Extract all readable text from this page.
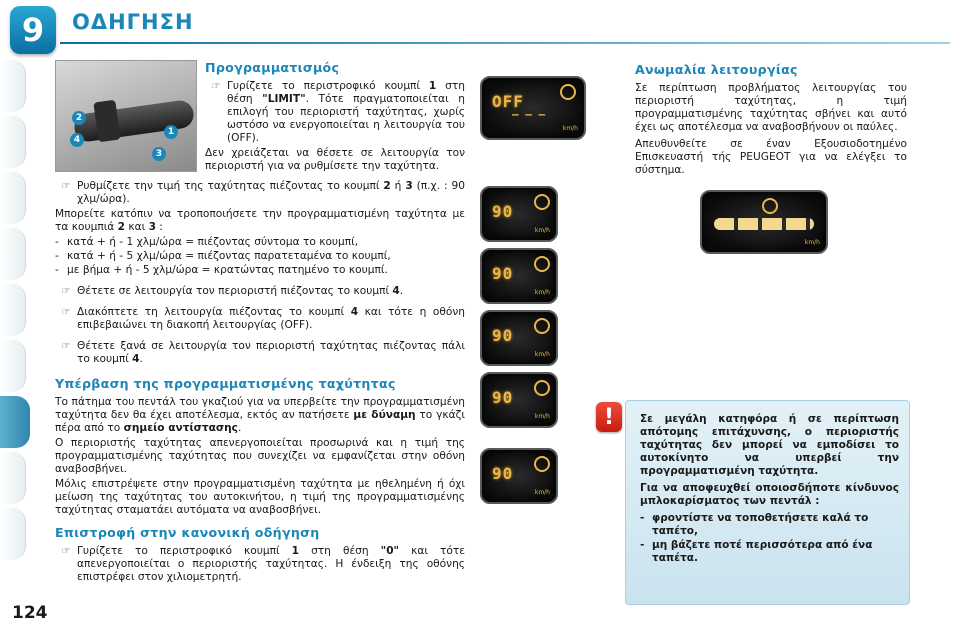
9	ΟΔΗΓΗΣΗ
124
1
2
3
4
Προγραμματισμός
☞ Γυρίζετε το περιστροφικό κουμπί 1 στη θέση "LIMIT". Τότε πραγματοποιείται η επιλογή του περιοριστή ταχύτητας, χωρίς ωστόσο να ενεργοποιείται η λειτουργία του (OFF).
Δεν χρειάζεται να θέσετε σε λειτουργία τον περιοριστή για να ρυθμίσετε την ταχύτητα.
☞ Ρυθμίζετε την τιμή της ταχύτητας πιέζοντας το κουμπί 2 ή 3 (π.χ. : 90 χλμ/ώρα).
Μπορείτε κατόπιν να τροποποιήσετε την προγραμματισμένη ταχύτητα με τα κουμπιά 2 και 3 :
- κατά + ή - 1 χλμ/ώρα = πιέζοντας σύντομα το κουμπί,
- κατά + ή - 5 χλμ/ώρα = πιέζοντας παρατεταμένα το κουμπί,
- με βήμα + ή - 5 χλμ/ώρα = κρατώντας πατημένο το κουμπί.
☞ Θέτετε σε λειτουργία τον περιοριστή πιέζοντας το κουμπί 4.
☞ Διακόπτετε τη λειτουργία πιέζοντας το κουμπί 4 και τότε η οθόνη επιβεβαιώνει τη διακοπή λειτουργίας (OFF).
☞ Θέτετε ξανά σε λειτουργία τον περιοριστή ταχύτητας πιέζοντας πάλι το κουμπί 4.
Υπέρβαση της προγραμματισμένης ταχύτητας
Το πάτημα του πεντάλ του γκαζιού για να υπερβείτε την προγραμματισμένη ταχύτητα δεν θα έχει αποτέλεσμα, εκτός αν πατήσετε με δύναμη το γκάζι πέρα από το σημείο αντίστασης.
Ο περιοριστής ταχύτητας απενεργοποιείται προσωρινά και η τιμή της προγραμματισμένης ταχύτητας που συνεχίζει να εμφανίζεται στην οθόνη αναβοσβήνει.
Μόλις επιστρέψετε στην προγραμματισμένη ταχύτητα με ηθελημένη ή όχι μείωση της ταχύτητας του αυτοκινήτου, η τιμή της προγραμματισμένης ταχύτητας σταματάει αυτόματα να αναβοσβήνει.
Επιστροφή στην κανονική οδήγηση
☞ Γυρίζετε το περιστροφικό κουμπί 1 στη θέση "0" και τότε απενεργοποιείται ο περιοριστής ταχύτητας. Η ένδειξη της οθόνης επιστρέφει στον χιλιομετρητή.
OFF
– – –
km/h
90
km/h
90
km/h
90
km/h
90
km/h
90
km/h
Ανωμαλία λειτουργίας
Σε περίπτωση προβλήματος λειτουργίας του περιοριστή ταχύτητας, η τιμή προγραμματισμένης ταχύτητας σβήνει και αυτό έχει ως αποτέλεσμα να αναβοσβήνουν οι παύλες.
Απευθυνθείτε σε έναν Εξουσιοδοτημένο Επισκευαστή τής PEUGEOT για να ελέγξει το σύστημα.
km/h
!	Σε μεγάλη κατηφόρα ή σε περίπτωση απότομης επιτάχυνσης, ο περιοριστής ταχύτητας δεν μπορεί να εμποδίσει το αυτοκίνητο να υπερβεί την προγραμματισμένη ταχύτητα.
Για να αποφευχθεί οποιοσδήποτε κίνδυνος μπλοκαρίσματος των πεντάλ :
- φροντίστε να τοποθετήσετε καλά το ταπέτο,
- μη βάζετε ποτέ περισσότερα από ένα ταπέτα.
